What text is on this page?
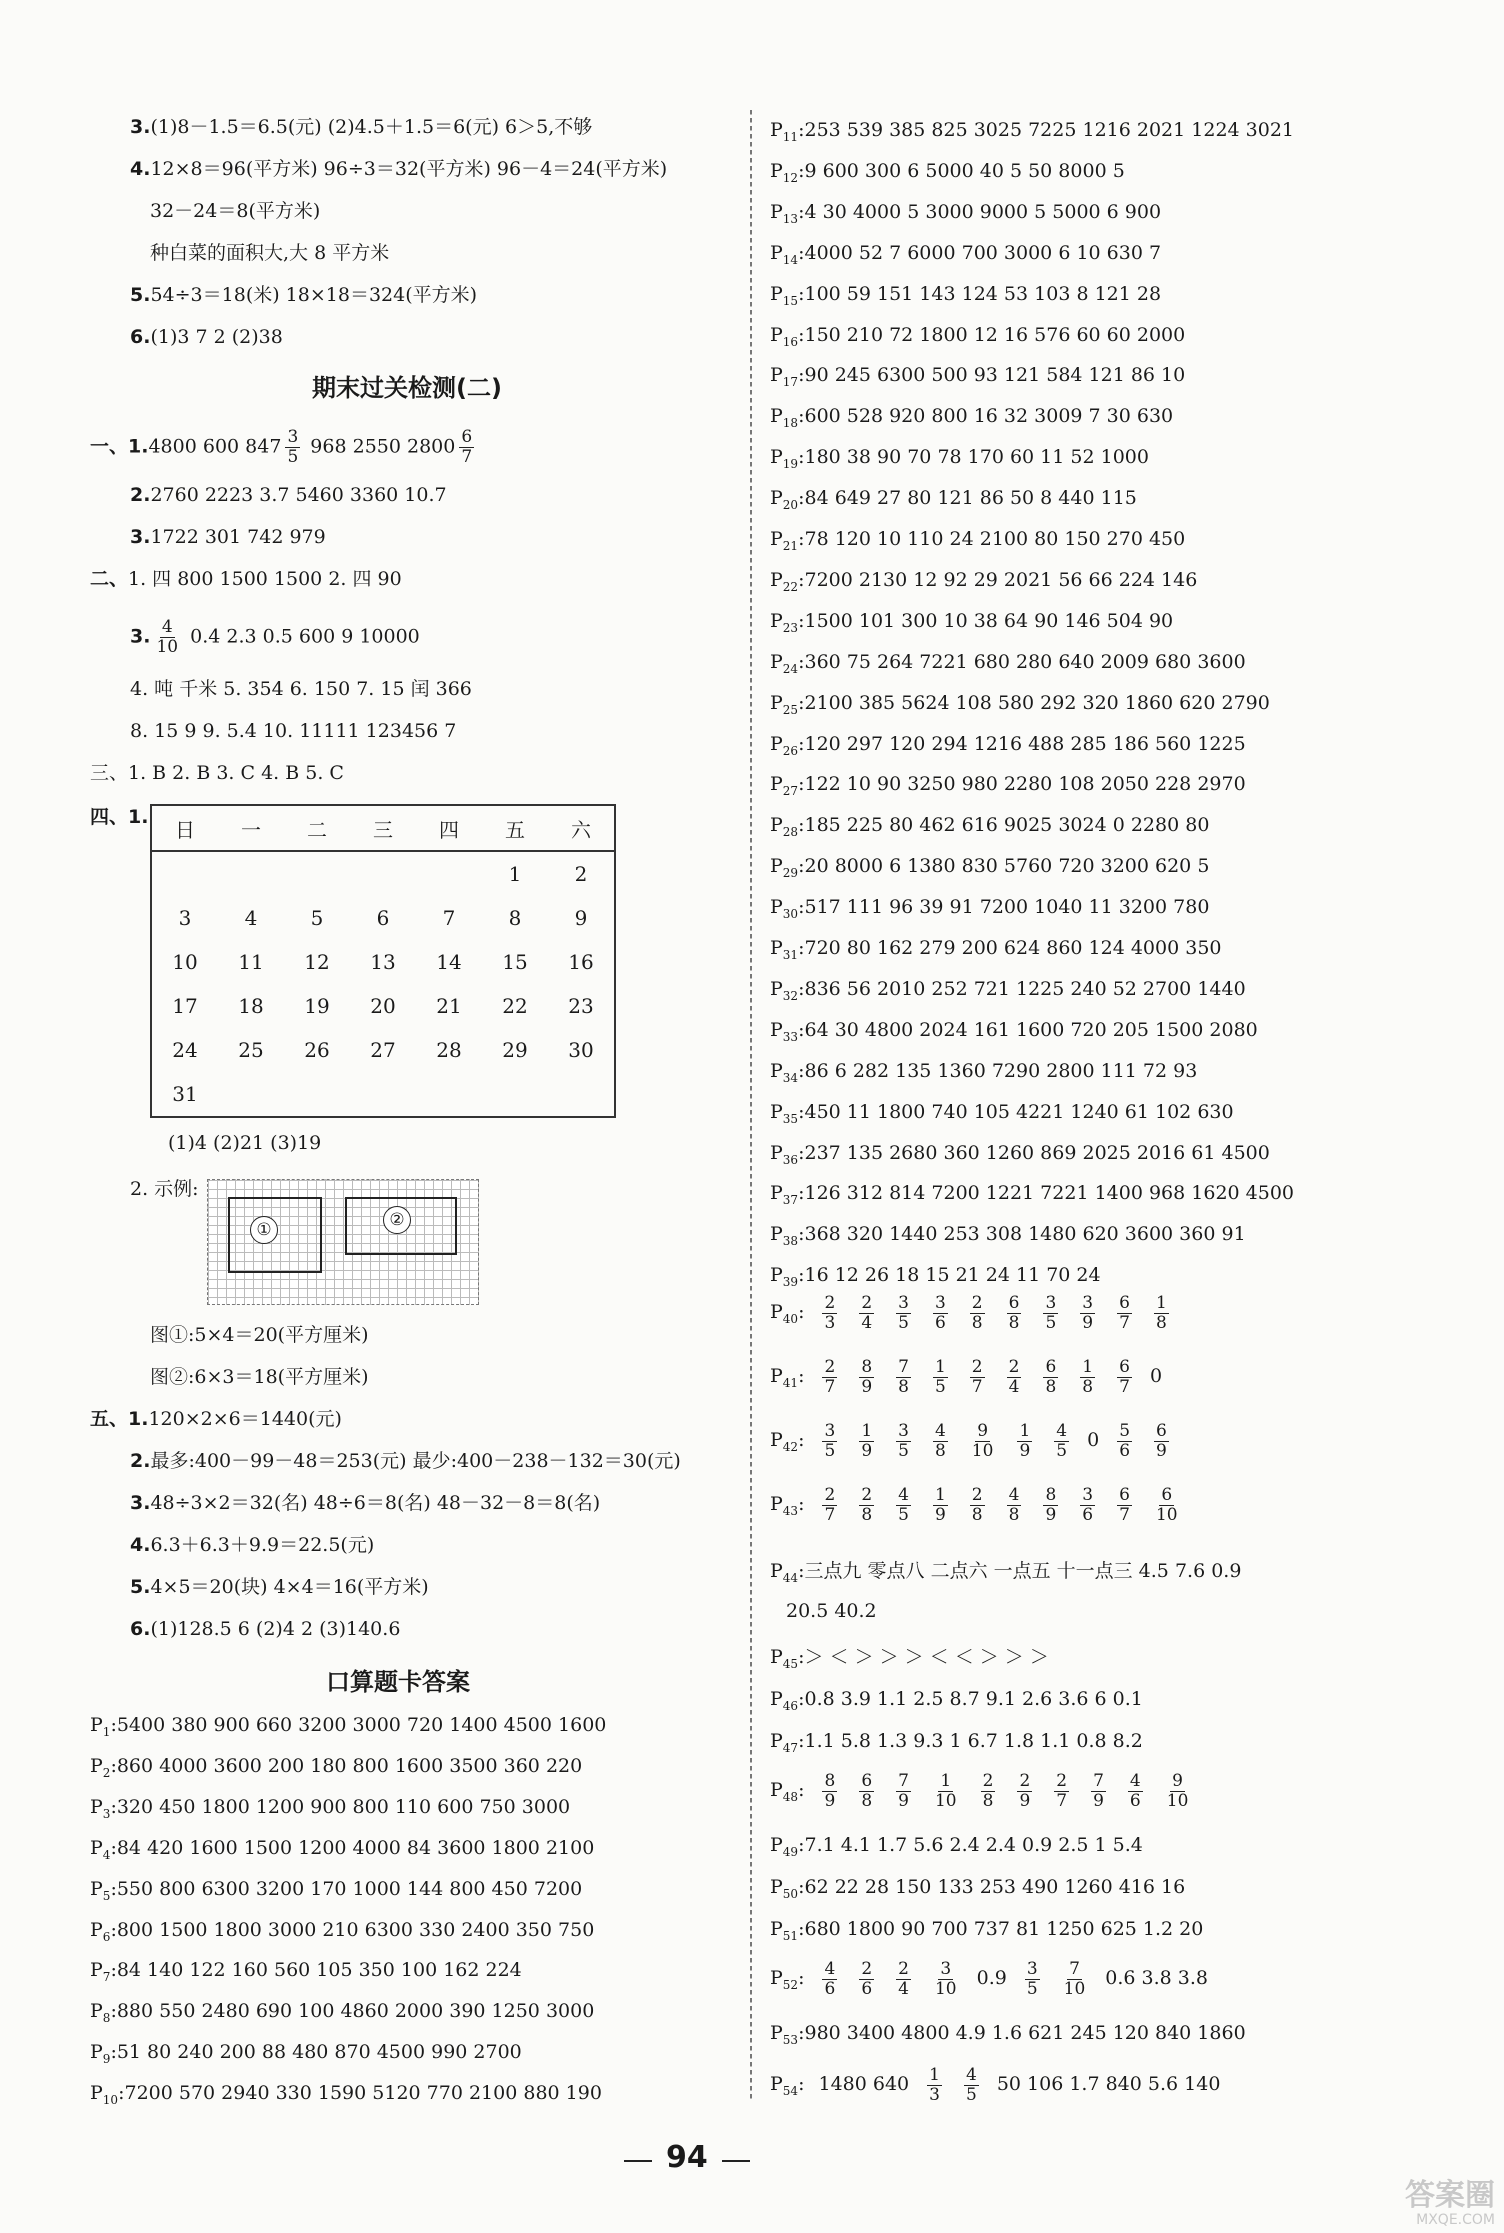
3.(1)8－1.5＝6.5(元) (2)4.5＋1.5＝6(元) 6＞5,不够
4.12×8＝96(平方米) 96÷3＝32(平方米) 96－4＝24(平方米)
32－24＝8(平方米)
种白菜的面积大,大 8 平方米
5.54÷3＝18(米) 18×18＝324(平方米)
6.(1)3 7 2 (2)38
期末过关检测(二)
一、1.4800 600 $847 \frac{3}{5} 968$ 2550 $2800 \frac{6}{7}$
2.2760 2223 3.7 5460 3360 10.7
3.1722 301 742 979
二、1. 四 800 1500 1500 2. 四 90
3. $\frac{4}{10} 0.4$ 2.3 0.5 600 9 10000
4. 吨 千米 5. 354 6. 150 7. 15 闰 366
8. 15 9 9. 5.4 10. 11111 123456 7
三、1. B 2. B 3. C 4. B 5. C
四、1.
日	一	二	三	四	五	六
					1	2
3	4	5	6	7	8	9
10	11	12	13	14	15	16
17	18	19	20	21	22	23
24	25	26	27	28	29	30
31						
(1)4 (2)21 (3)19
2. 示例:
①	②
图①:5×4＝20(平方厘米)
图②:6×3＝18(平方厘米)
五、1.120×2×6＝1440(元)
2.最多:400－99－48＝253(元) 最少:400－238－132＝30(元)
3.48÷3×2＝32(名) 48÷6＝8(名) 48－32－8＝8(名)
4.6.3＋6.3＋9.9＝22.5(元)
5.4×5＝20(块) 4×4＝16(平方米)
6.(1)128.5 6 (2)4 2 (3)140.6
口算题卡答案
$P_1:5400$ 380 900 660 3200 3000 720 1400 4500 1600
$P_2:860$ 4000 3600 200 180 800 1600 3500 360 220
$P_3:320$ 450 1800 1200 900 800 110 600 750 3000
$P_4:84$ 420 1600 1500 1200 4000 84 3600 1800 2100
$P_5:550$ 800 6300 3200 170 1000 144 800 450 7200
$P_6:800$ 1500 1800 3000 210 6300 330 2400 350 750
$P_7:84$ 140 122 160 560 105 350 100 162 224
$P_8:880$ 550 2480 690 100 4860 2000 390 1250 3000
$P_9:51$ 80 240 200 88 480 870 4500 990 2700
$P_{10}:7200$ 570 2940 330 1590 5120 770 2100 880 190
$P_{11}:253$ 539 385 825 3025 7225 1216 2021 1224 3021
$P_{12}:9$ 600 300 6 5000 40 5 50 8000 5
$P_{13}:4$ 30 4000 5 3000 9000 5 5000 6 900
$P_{14}:4000$ 52 7 6000 700 3000 6 10 630 7
$P_{15}:100$ 59 151 143 124 53 103 8 121 28
$P_{16}:150$ 210 72 1800 12 16 576 60 60 2000
$P_{17}:90$ 245 6300 500 93 121 584 121 86 10
$P_{18}:600$ 528 920 800 16 32 3009 7 30 630
$P_{19}:180$ 38 90 70 78 170 60 11 52 1000
$P_{20}:84$ 649 27 80 121 86 50 8 440 115
$P_{21}:78$ 120 10 110 24 2100 80 150 270 450
$P_{22}:7200$ 2130 12 92 29 2021 56 66 224 146
$P_{23}:1500$ 101 300 10 38 64 90 146 504 90
$P_{24}:360$ 75 264 7221 680 280 640 2009 680 3600
$P_{25}:2100$ 385 5624 108 580 292 320 1860 620 2790
$P_{26}:120$ 297 120 294 1216 488 285 186 560 1225
$P_{27}:122$ 10 90 3250 980 2280 108 2050 228 2970
$P_{28}:185$ 225 80 462 616 9025 3024 0 2280 80
$P_{29}:20$ 8000 6 1380 830 5760 720 3200 620 5
$P_{30}:517$ 111 96 39 91 7200 1040 11 3200 780
$P_{31}:720$ 80 162 279 200 624 860 124 4000 350
$P_{32}:836$ 56 2010 252 721 1225 240 52 2700 1440
$P_{33}:64$ 30 4800 2024 161 1600 720 205 1500 2080
$P_{34}:86$ 6 282 135 1360 7290 2800 111 72 93
$P_{35}:450$ 11 1800 740 105 4221 1240 61 102 630
$P_{36}:237$ 135 2680 360 1260 869 2025 2016 61 4500
$P_{37}:126$ 312 814 7200 1221 7221 1400 968 1620 4500
$P_{38}:368$ 320 1440 253 308 1480 620 3600 360 91
$P_{39}:16$ 12 26 18 15 21 24 11 70 24
$P_{40}$: $\frac{2}{3} \frac{2}{4} \frac{3}{5} \frac{3}{6} \frac{2}{8} \frac{6}{8} \frac{3}{5} \frac{3}{9} \frac{6}{7} \frac{1}{8}$
$P_{41}$: $\frac{2}{7} \frac{8}{9} \frac{7}{8} \frac{1}{5} \frac{2}{7} \frac{2}{4} \frac{6}{8} \frac{1}{8} \frac{6}{7} 0$
$P_{42}$: $\frac{3}{5} \frac{1}{9} \frac{3}{5} \frac{4}{8} \frac{9}{10} \frac{1}{9} \frac{4}{5} 0 \frac{5}{6} \frac{6}{9}$
$P_{43}$: $\frac{2}{7} \frac{2}{8} \frac{4}{5} \frac{1}{9} \frac{2}{8} \frac{4}{8} \frac{8}{9} \frac{3}{6} \frac{6}{7} \frac{6}{10}$
$P_{44}$:三点九 零点八 二点六 一点五 十一点三 4.5 7.6 0.9
20.5 40.2
$P_{45}:>$ ＜ ＞ ＞ ＞ ＜ ＜ ＞ ＞ ＞
$P_{46}:0.8$ 3.9 1.1 2.5 8.7 9.1 2.6 3.6 6 0.1
$P_{47}:1.1$ 5.8 1.3 9.3 1 6.7 1.8 1.1 0.8 8.2
$P_{48}$: $\frac{8}{9} \frac{6}{8} \frac{7}{9} \frac{1}{10} \frac{2}{8} \frac{2}{9} \frac{2}{7} \frac{7}{9} \frac{4}{6} \frac{9}{10}$
$P_{49}:7.1$ 4.1 1.7 5.6 2.4 2.4 0.9 2.5 1 5.4
$P_{50}:62$ 22 28 150 133 253 490 1260 416 16
$P_{51}:680$ 1800 90 700 737 81 1250 625 1.2 20
$P_{52}$: $\frac{4}{6} \frac{2}{6} \frac{2}{4} \frac{3}{10} 0.9 \frac{3}{5} \frac{7}{10} 0.6$ 3.8 3.8
$P_{53}:980$ 3400 4800 4.9 1.6 621 245 120 840 1860
$P_{54}$: 1480 $640 \frac{1}{3} \frac{4}{5} 50$ 106 1.7 840 5.6 140
94
答案圈
MXQE.COM
